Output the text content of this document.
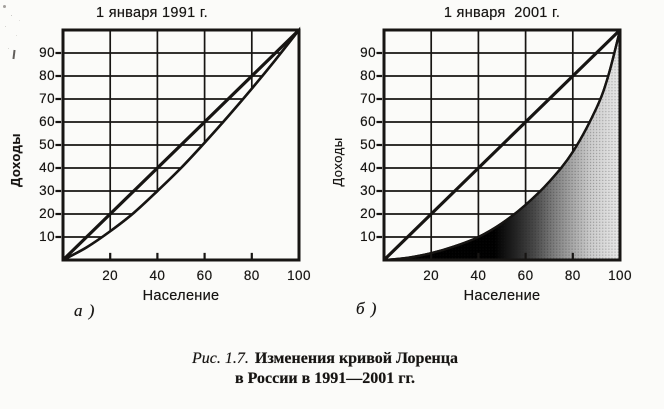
1 января 1991 г.
Доходы
Население
а )
10
20
30
40
50
60
70
80
90
20	40	60	80	100
1 января  2001 г.
Доходы
Население
б )
10
20
30
40
50
60
70
80
90
20	40	60	80	100
Рис. 1.7. Изменения кривой Лоренца
в России в 1991—2001 гг.
